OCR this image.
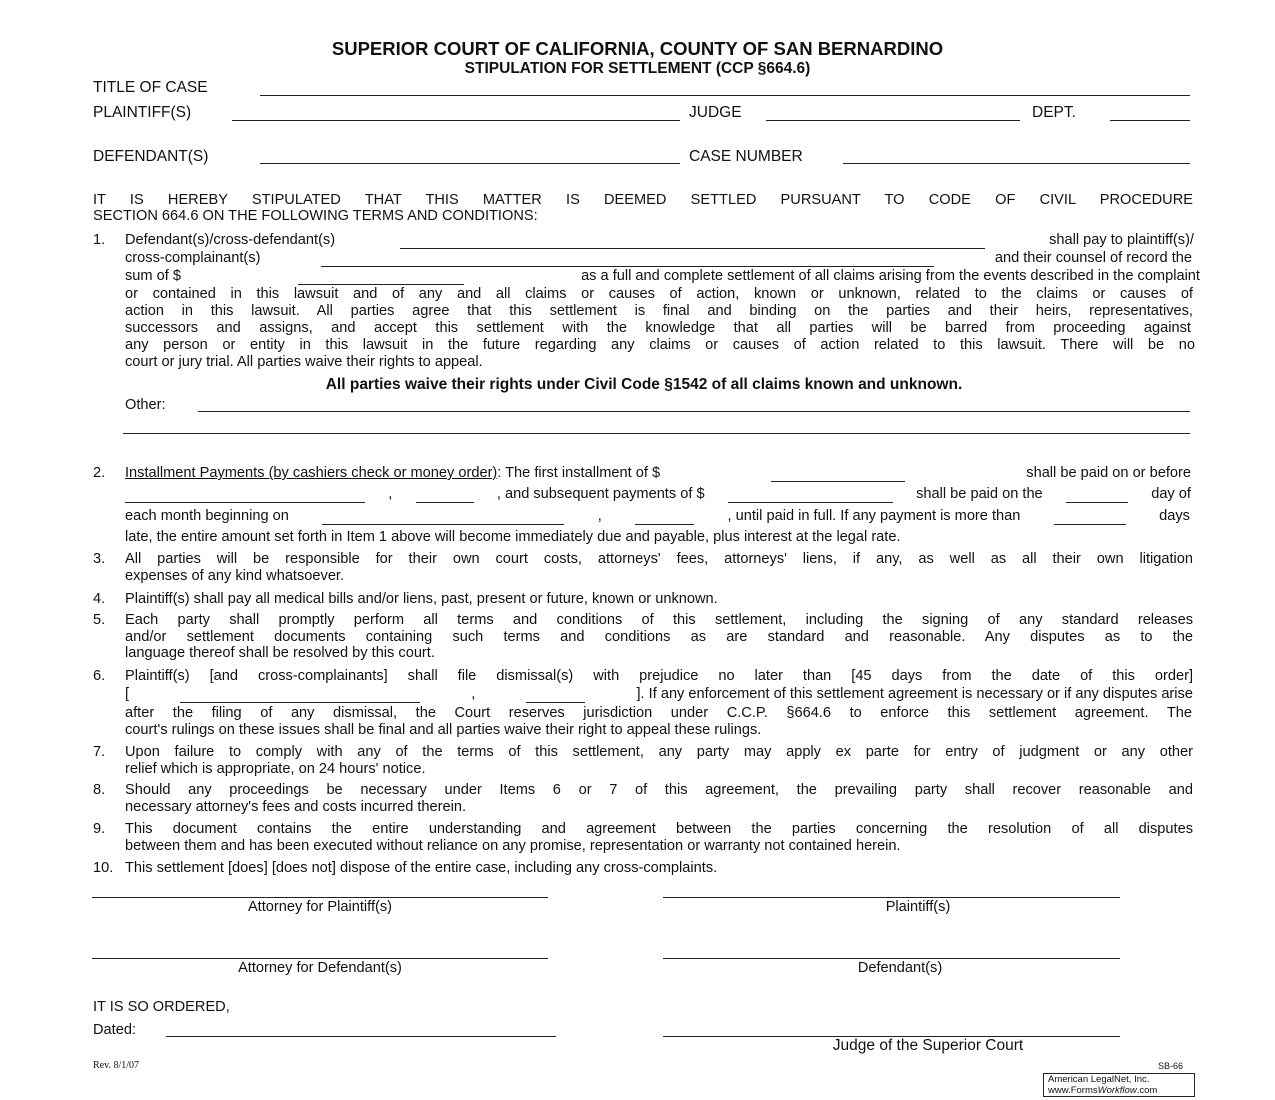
SUPERIOR COURT OF CALIFORNIA, COUNTY OF SAN BERNARDINO
STIPULATION FOR SETTLEMENT (CCP §664.6)
TITLE OF CASE
PLAINTIFF(S)	JUDGE	DEPT.
DEFENDANT(S)	CASE NUMBER
IT IS HEREBY STIPULATED THAT THIS MATTER IS DEEMED SETTLED PURSUANT TO CODE OF CIVIL PROCEDURE
SECTION 664.6 ON THE FOLLOWING TERMS AND CONDITIONS:
1. Defendant(s)/cross-defendant(s)	shall pay to plaintiff(s)/
cross-complainant(s)	and their counsel of record the
sum of $	as a full and complete settlement of all claims arising from the events described in the complaint
or contained in this lawsuit and of any and all claims or causes of action, known or unknown, related to the claims or causes of
action in this lawsuit. All parties agree that this settlement is final and binding on the parties and their heirs, representatives,
successors and assigns, and accept this settlement with the knowledge that all parties will be barred from proceeding against
any person or entity in this lawsuit in the future regarding any claims or causes of action related to this lawsuit. There will be no
court or jury trial. All parties waive their rights to appeal.
All parties waive their rights under Civil Code §1542 of all claims known and unknown.
Other:
2. Installment Payments (by cashiers check or money order): The first installment of $	shall be paid on or before
,	, and subsequent payments of $	shall be paid on the	day of
each month beginning on	,	, until paid in full. If any payment is more than	days
late, the entire amount set forth in Item 1 above will become immediately due and payable, plus interest at the legal rate.
3. All parties will be responsible for their own court costs, attorneys' fees, attorneys' liens, if any, as well as all their own litigation
expenses of any kind whatsoever.
4. Plaintiff(s) shall pay all medical bills and/or liens, past, present or future, known or unknown.
5. Each party shall promptly perform all terms and conditions of this settlement, including the signing of any standard releases
and/or settlement documents containing such terms and conditions as are standard and reasonable. Any disputes as to the
language thereof shall be resolved by this court.
6. Plaintiff(s) [and cross-complainants] shall file dismissal(s) with prejudice no later than [45 days from the date of this order]
[	,	]. If any enforcement of this settlement agreement is necessary or if any disputes arise
after the filing of any dismissal, the Court reserves jurisdiction under C.C.P. §664.6 to enforce this settlement agreement. The
court's rulings on these issues shall be final and all parties waive their right to appeal these rulings.
7. Upon failure to comply with any of the terms of this settlement, any party may apply ex parte for entry of judgment or any other
relief which is appropriate, on 24 hours' notice.
8. Should any proceedings be necessary under Items 6 or 7 of this agreement, the prevailing party shall recover reasonable and
necessary attorney's fees and costs incurred therein.
9. This document contains the entire understanding and agreement between the parties concerning the resolution of all disputes
between them and has been executed without reliance on any promise, representation or warranty not contained herein.
10. This settlement [does] [does not] dispose of the entire case, including any cross-complaints.
Attorney for Plaintiff(s)	Plaintiff(s)
Attorney for Defendant(s)	Defendant(s)
IT IS SO ORDERED,
Dated:
Judge of the Superior Court
Rev. 8/1/07	SB-66
American LegalNet, Inc.
www.FormsWorkflow.com
